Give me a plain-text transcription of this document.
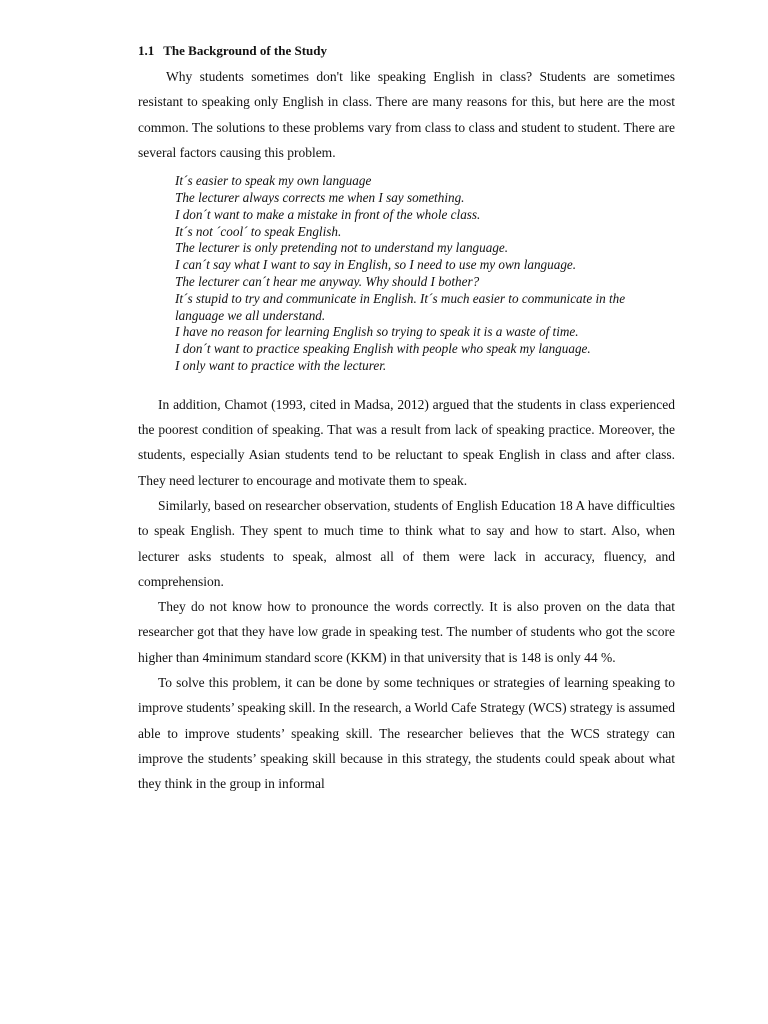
1.1 The Background of the Study

Why students sometimes don't like speaking English in class? Students are sometimes resistant to speaking only English in class. There are many reasons for this, but here are the most common. The solutions to these problems vary from class to class and student to student. There are several factors causing this problem.

It´s easier to speak my own language
The lecturer always corrects me when I say something.
I don´t want to make a mistake in front of the whole class.
It´s not ´cool´ to speak English.
The lecturer is only pretending not to understand my language.
I can´t say what I want to say in English, so I need to use my own language.
The lecturer can´t hear me anyway. Why should I bother?
It´s stupid to try and communicate in English. It´s much easier to communicate in the language we all understand.
I have no reason for learning English so trying to speak it is a waste of time.
I don´t want to practice speaking English with people who speak my language.
I only want to practice with the lecturer.

In addition, Chamot (1993, cited in Madsa, 2012) argued that the students in class experienced the poorest condition of speaking. That was a result from lack of speaking practice. Moreover, the students, especially Asian students tend to be reluctant to speak English in class and after class. They need lecturer to encourage and motivate them to speak.

Similarly, based on researcher observation, students of English Education 18 A have difficulties to speak English. They spent to much time to think what to say and how to start. Also, when lecturer asks students to speak, almost all of them were lack in accuracy, fluency, and comprehension.

They do not know how to pronounce the words correctly. It is also proven on the data that researcher got that they have low grade in speaking test. The number of students who got the score higher than 4minimum standard score (KKM) in that university that is 148 is only 44 %.

To solve this problem, it can be done by some techniques or strategies of learning speaking to improve students’ speaking skill. In the research, a World Cafe Strategy (WCS) strategy is assumed able to improve students’ speaking skill. The researcher believes that the WCS strategy can improve the students’ speaking skill because in this strategy, the students could speak about what they think in the group in informal
